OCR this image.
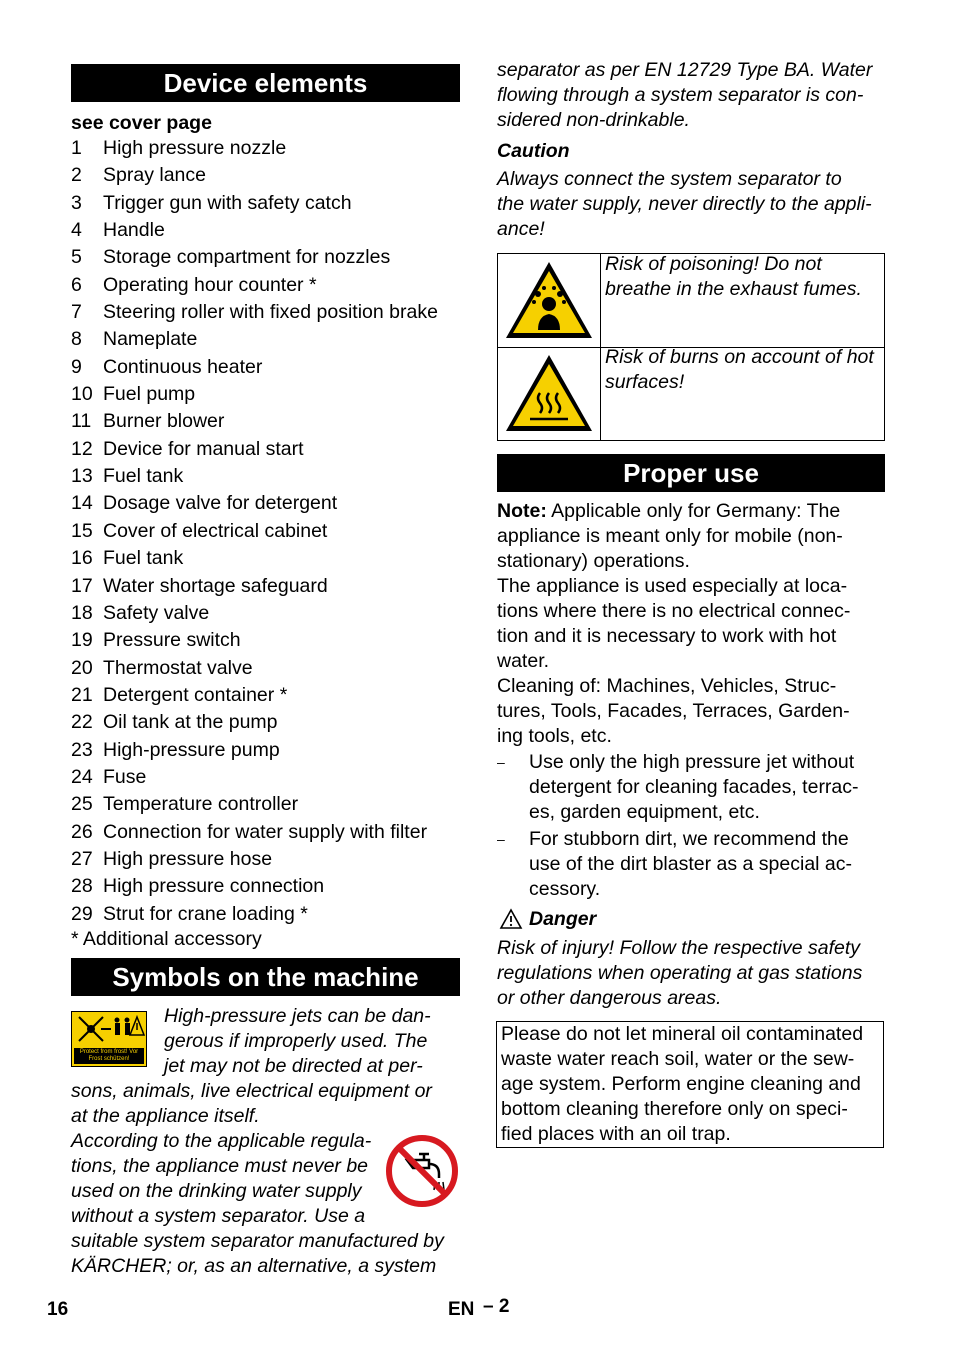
Device elements
see cover page
1 High pressure nozzle
2 Spray lance
3 Trigger gun with safety catch
4 Handle
5 Storage compartment for nozzles
6 Operating hour counter *
7 Steering roller with fixed position brake
8 Nameplate
9 Continuous heater
10 Fuel pump
11 Burner blower
12 Device for manual start
13 Fuel tank
14 Dosage valve for detergent
15 Cover of electrical cabinet
16 Fuel tank
17 Water shortage safeguard
18 Safety valve
19 Pressure switch
20 Thermostat valve
21 Detergent container *
22 Oil tank at the pump
23 High-pressure pump
24 Fuse
25 Temperature controller
26 Connection for water supply with filter
27 High pressure hose
28 High pressure connection
29 Strut for crane loading *
* Additional accessory
Symbols on the machine
Protect from frost! Vor Frost schützen!
High-pressure jets can be dan-
gerous if improperly used. The
jet may not be directed at per-
sons, animals, live electrical equipment or
at the appliance itself.
According to the applicable regula-
tions, the appliance must never be
used on the drinking water supply
without a system separator. Use a
suitable system separator manufactured by
KÄRCHER; or, as an alternative, a system
separator as per EN 12729 Type BA. Water
flowing through a system separator is con-
sidered non-drinkable.
Caution
Always connect the system separator to
the water supply, never directly to the appli-
ance!
Risk of poisoning! Do not
breathe in the exhaust fumes.
Risk of burns on account of hot
surfaces!
Proper use
Note: Applicable only for Germany: The
appliance is meant only for mobile (non-
stationary) operations.
The appliance is used especially at loca-
tions where there is no electrical connec-
tion and it is necessary to work with hot
water.
Cleaning of: Machines, Vehicles, Struc-
tures, Tools, Facades, Terraces, Garden-
ing tools, etc.
– Use only the high pressure jet without
detergent for cleaning facades, terrac-
es, garden equipment, etc.
– For stubborn dirt, we recommend the
use of the dirt blaster as a special ac-
cessory.
Danger
Risk of injury! Follow the respective safety
regulations when operating at gas stations
or other dangerous areas.
Please do not let mineral oil contaminated
waste water reach soil, water or the sew-
age system. Perform engine cleaning and
bottom cleaning therefore only on speci-
fied places with an oil trap.
16	EN – 2
